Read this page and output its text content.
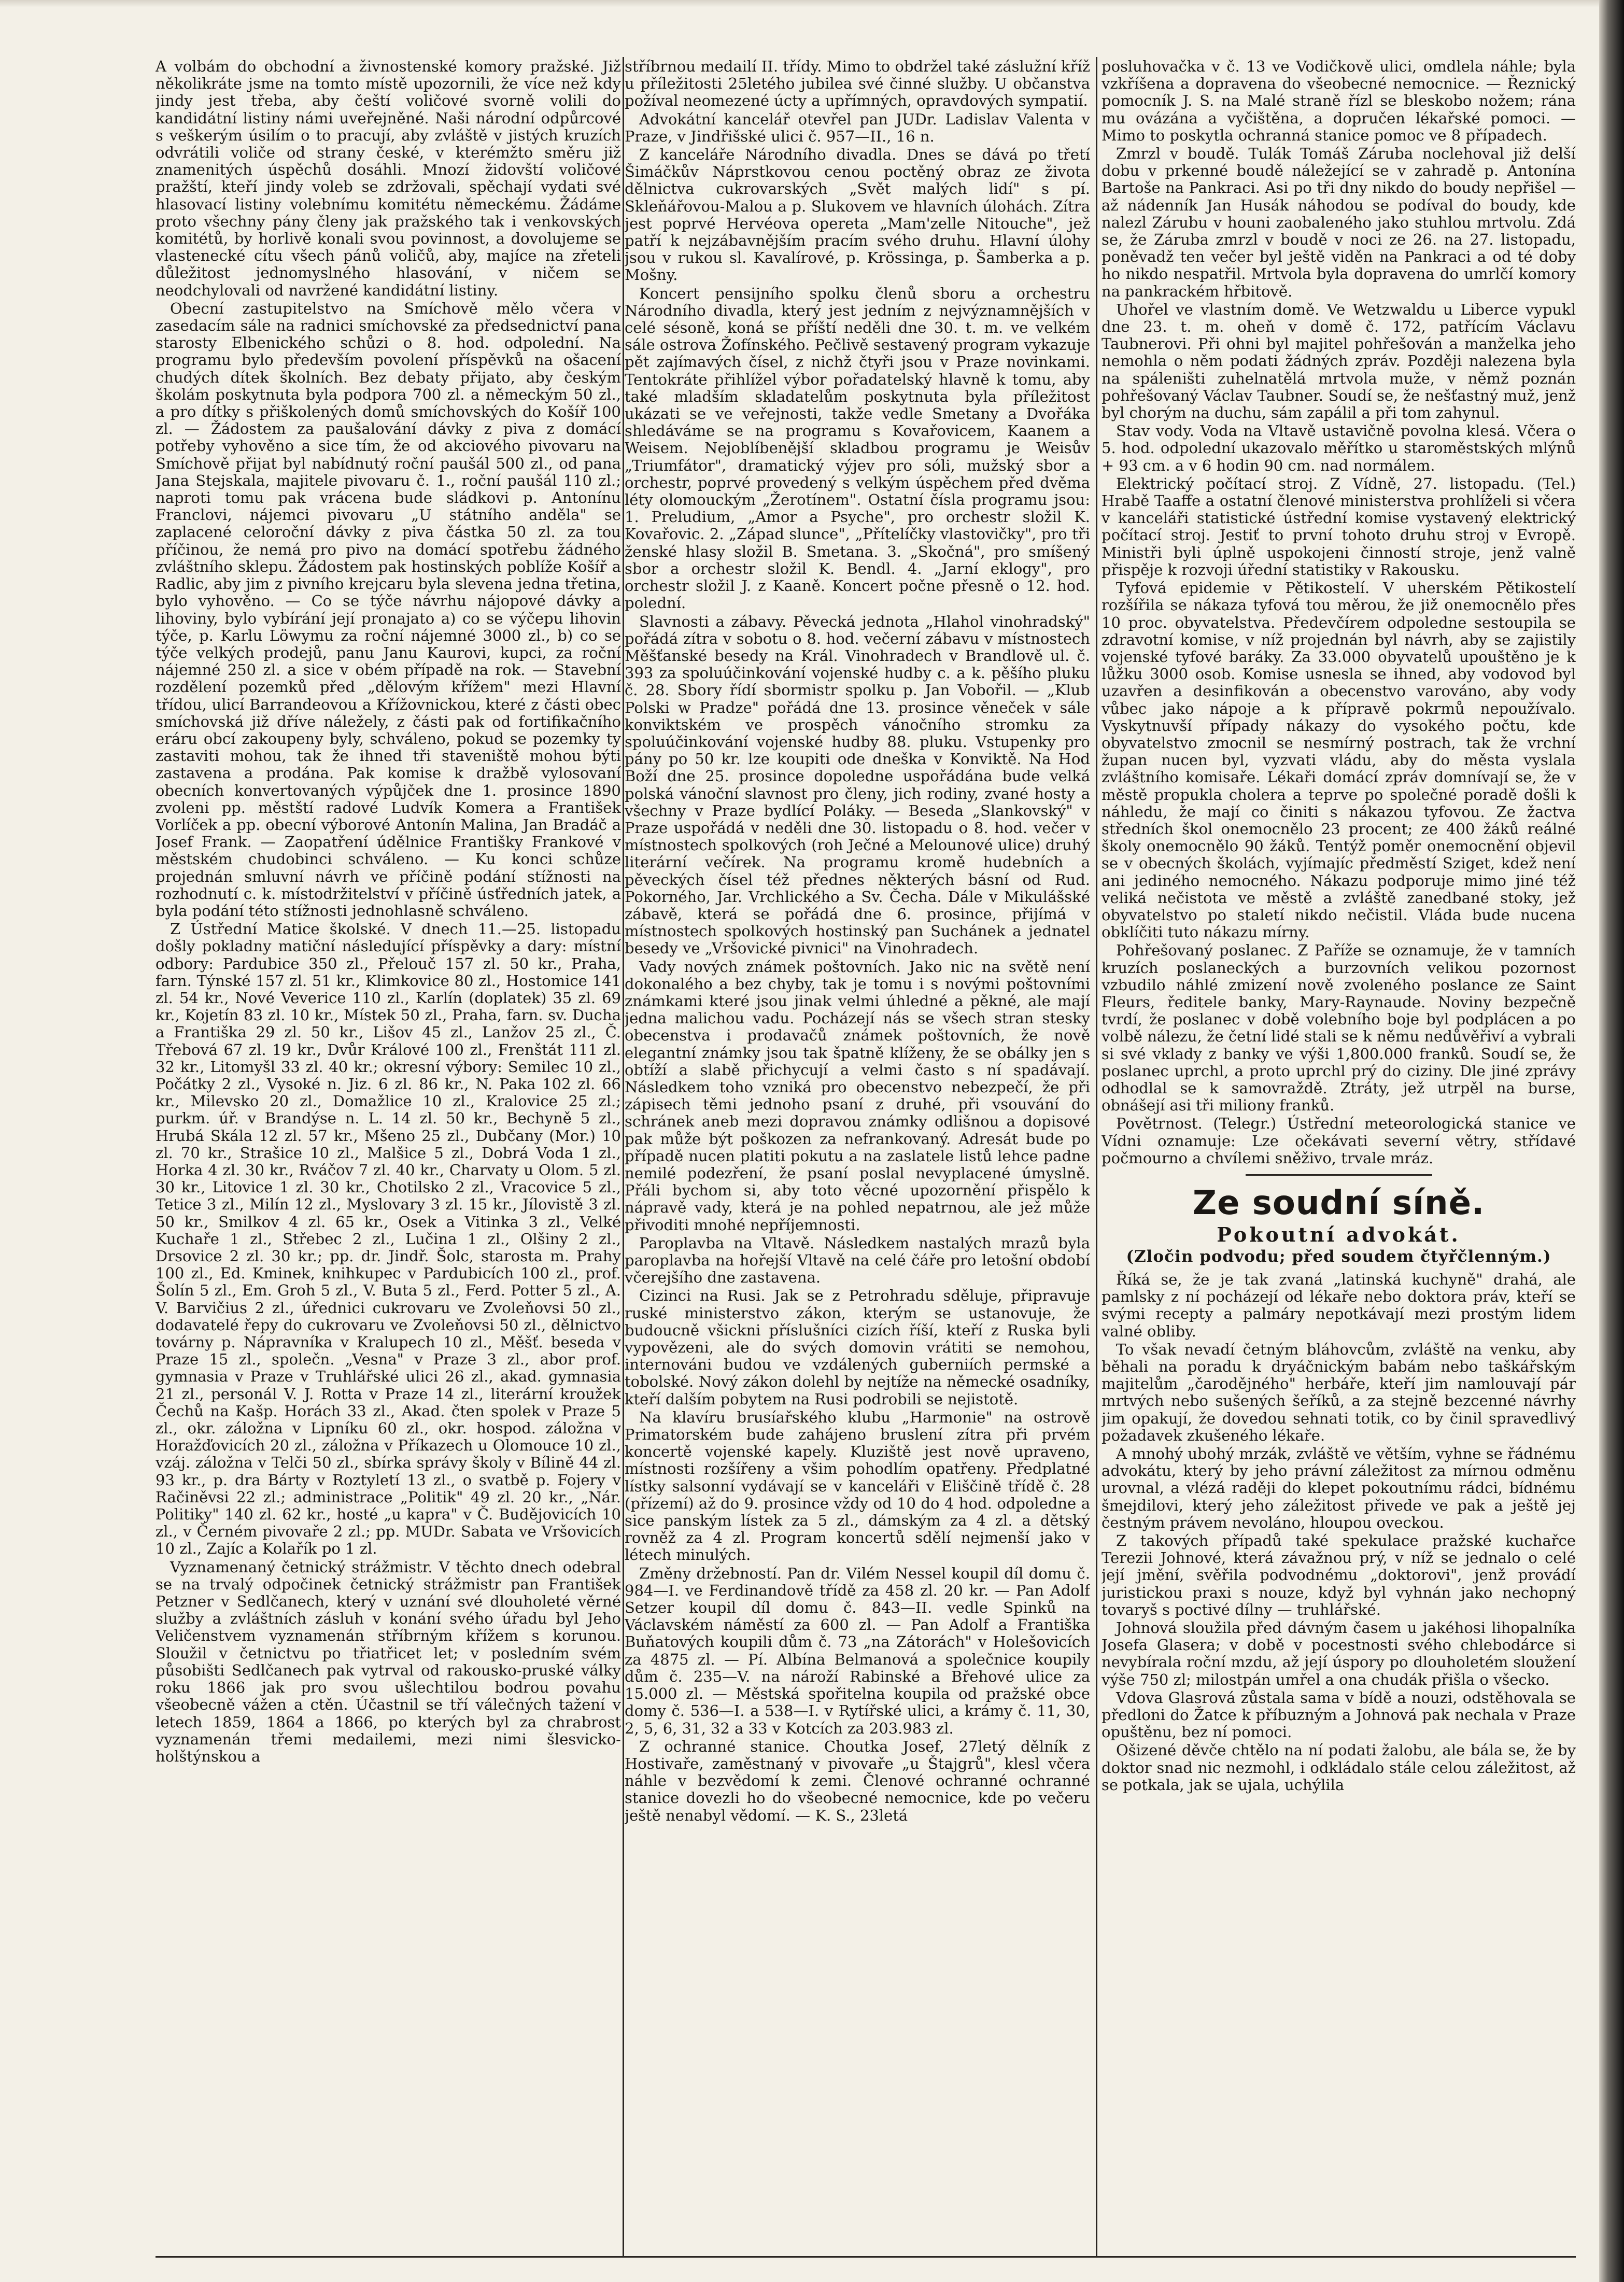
A volbám do obchodní a živnostenské komory pražské. Již několikráte jsme na tomto místě upozornili, že více než kdy jindy jest třeba, aby čeští voličové svorně volili do kandidátní listiny námi uveřejněné. Naši národní odpůrcové s veškerým úsilím o to pracují, aby zvláště v jistých kruzích odvrátili voliče od strany české, v kterémžto směru již znamenitých úspěchů dosáhli. Mnozí židovští voličové pražští, kteří jindy voleb se zdržovali, spěchají vydati své hlasovací listiny volebnímu komitétu německému. Žádáme proto všechny pány členy jak pražského tak i venkovských komitétů, by horlivě konali svou povinnost, a dovolujeme se vlastenecké cítu všech pánů voličů, aby, majíce na zřeteli důležitost jednomyslného hlasování, v ničem se neodchylovali od navržené kandidátní listiny.

Obecní zastupitelstvo na Smíchově mělo včera v zasedacím sále na radnici smíchovské za předsednictví pana starosty Elbenického schůzi o 8. hod. odpolední. Na programu bylo především povolení příspěvků na ošacení chudých dítek školních. Bez debaty přijato, aby českým školám poskytnuta byla podpora 700 zl. a německým 50 zl., a pro dítky s přiškolených domů smíchovských do Košíř 100 zl. — Žádostem za paušalování dávky z piva z domácí potřeby vyhověno a sice tím, že od akciového pivovaru na Smíchově přijat byl nabídnutý roční paušál 500 zl., od pana Jana Stejskala, majitele pivovaru č. 1., roční paušál 110 zl.; naproti tomu pak vrácena bude sládkovi p. Antonínu Franclovi, nájemci pivovaru „U státního anděla" se zaplacené celoroční dávky z piva částka 50 zl. za tou příčinou, že nemá pro pivo na domácí spotřebu žádného zvláštního sklepu. Žádostem pak hostinských poblíže Košíř a Radlic, aby jim z pivního krejcaru byla slevena jedna třetina, bylo vyhověno. — Co se týče návrhu nájopové dávky a lihoviny, bylo vybírání její pronajato a) co se výčepu lihovin týče, p. Karlu Löwymu za roční nájemné 3000 zl., b) co se týče velkých prodejů, panu Janu Kaurovi, kupci, za roční nájemné 250 zl. a sice v obém případě na rok. — Stavební rozdělení pozemků před „dělovým křížem" mezi Hlavní třídou, ulicí Barrandeovou a Křížovnickou, které z části obec smíchovská již dříve náležely, z části pak od fortifikačního eráru obcí zakoupeny byly, schváleno, pokud se pozemky ty zastaviti mohou, tak že ihned tři staveniště mohou býti zastavena a prodána. Pak komise k dražbě vylosovaní obecních konvertovaných výpůjček dne 1. prosince 1890 zvoleni pp. městští radové Ludvík Komera a František Vorlíček a pp. obecní výborové Antonín Malina, Jan Bradáč a Josef Frank. — Zaopatření údělnice Františky Frankové v městském chudobinci schváleno. — Ku konci schůze projednán smluvní návrh ve příčině podání stížnosti na rozhodnutí c. k. místodržitelství v příčině úsťředních jatek, a byla podání této stížnosti jednohlasně schváleno.

Z Ústřední Matice školské. V dnech 11.—25. listopadu došly pokladny matiční následující příspěvky a dary: místní odbory: Pardubice 350 zl., Přelouč 157 zl. 50 kr., Praha, farn. Týnské 157 zl. 51 kr., Klimkovice 80 zl., Hostomice 141 zl. 54 kr., Nové Veverice 110 zl., Karlín (doplatek) 35 zl. 69 kr., Kojetín 83 zl. 10 kr., Místek 50 zl., Praha, farn. sv. Ducha a Františka 29 zl. 50 kr., Lišov 45 zl., Lanžov 25 zl., Č. Třebová 67 zl. 19 kr., Dvůr Králové 100 zl., Frenštát 111 zl. 32 kr., Litomyšl 33 zl. 40 kr.; okresní výbory: Semilec 10 zl., Počátky 2 zl., Vysoké n. Jiz. 6 zl. 86 kr., N. Paka 102 zl. 66 kr., Milevsko 20 zl., Domažlice 10 zl., Kralovice 25 zl.; purkm. úř. v Brandýse n. L. 14 zl. 50 kr., Bechyně 5 zl., Hrubá Skála 12 zl. 57 kr., Mšeno 25 zl., Dubčany (Mor.) 10 zl. 70 kr., Strašice 10 zl., Malšice 5 zl., Dobrá Voda 1 zl., Horka 4 zl. 30 kr., Rváčov 7 zl. 40 kr., Charvaty u Olom. 5 zl. 30 kr., Litovice 1 zl. 30 kr., Chotilsko 2 zl., Vracovice 5 zl., Tetice 3 zl., Milín 12 zl., Myslovary 3 zl. 15 kr., Jílovistě 3 zl. 50 kr., Smilkov 4 zl. 65 kr., Osek a Vitinka 3 zl., Velké Kuchaře 1 zl., Střebec 2 zl., Lučina 1 zl., Olšiny 2 zl., Drsovice 2 zl. 30 kr.; pp. dr. Jindř. Šolc, starosta m. Prahy 100 zl., Ed. Kminek, knihkupec v Pardubicích 100 zl., prof. Šolín 5 zl., Em. Groh 5 zl., V. Buta 5 zl., Ferd. Potter 5 zl., A. V. Barvičius 2 zl., úřednici cukrovaru ve Zvoleňovsi 50 zl., dodavatelé řepy do cukrovaru ve Zvoleňovsi 50 zl., dělnictvo továrny p. Nápravníka v Kralupech 10 zl., Měšť. beseda v Praze 15 zl., společn. „Vesna" v Praze 3 zl., abor prof. gymnasia v Praze v Truhlářské ulici 26 zl., akad. gymnasia 21 zl., personál V. J. Rotta v Praze 14 zl., literární kroužek Čechů na Kašp. Horách 33 zl., Akad. čten spolek v Praze 5 zl., okr. záložna v Lipníku 60 zl., okr. hospod. záložna v Horažďovicích 20 zl., záložna v Příkazech u Olomouce 10 zl., vzáj. záložna v Telči 50 zl., sbírka správy školy v Bílině 44 zl. 93 kr., p. dra Bárty v Roztyletí 13 zl., o svatbě p. Fojery v Račiněvsi 22 zl.; administrace „Politik" 49 zl. 20 kr., „Nár. Politiky" 140 zl. 62 kr., hosté „u kapra" v Č. Budějovicích 10 zl., v Černém pivovaře 2 zl.; pp. MUDr. Sabata ve Vršovicích 10 zl., Zajíc a Kolařík po 1 zl.

Vyznamenaný četnický strážmistr. V těchto dnech odebral se na trvalý odpočinek četnický strážmistr pan František Petzner v Sedlčanech, který v uznání své dlouholeté věrné služby a zvláštních zásluh v konání svého úřadu byl Jeho Veličenstvem vyznamenán stříbrným křížem s korunou. Sloužil v četnictvu po třiatřicet let; v posledním svém působišti Sedlčanech pak vytrval od rakousko-pruské války roku 1866 jak pro svou ušlechtilou bodrou povahu všeobecně vážen a ctěn. Účastnil se tří válečných tažení v letech 1859, 1864 a 1866, po kterých byl za chrabrost vyznamenán třemi medailemi, mezi nimi šlesvicko-holštýnskou a

stříbrnou medailí II. třídy. Mimo to obdržel také záslužní kříž u příležitosti 25letého jubilea své činné služby. U občanstva požíval neomezené úcty a upřímných, opravdových sympatií.

Advokátní kancelář otevřel pan JUDr. Ladislav Valenta v Praze, v Jindřišské ulici č. 957—II., 16 n.

Z kanceláře Národního divadla. Dnes se dává po třetí Šimáčkův Náprstkovou cenou poctěný obraz ze života dělnictva cukrovarských „Svět malých lidí" s pí. Skleňářovou-Malou a p. Slukovem ve hlavních úlohách. Zítra jest poprvé Hervéova opereta „Mam'zelle Nitouche", jež patří k nejzábavnějším pracím svého druhu. Hlavní úlohy jsou v rukou sl. Kavalírové, p. Krössinga, p. Šamberka a p. Mošny.

Koncert pensijního spolku členů sboru a orchestru Národního divadla, který jest jedním z nejvýznamnějších v celé sésoně, koná se příští neděli dne 30. t. m. ve velkém sále ostrova Žofínského. Pečlivě sestavený program vykazuje pět zajímavých čísel, z nichž čtyři jsou v Praze novinkami. Tentokráte přihlížel výbor pořadatelský hlavně k tomu, aby také mladším skladatelům poskytnuta byla příležitost ukázati se ve veřejnosti, takže vedle Smetany a Dvořáka shledáváme se na programu s Kovařovicem, Kaanem a Weisem. Nejoblíbenější skladbou programu je Weisův „Triumfátor", dramatický výjev pro sóli, mužský sbor a orchestr, poprvé provedený s velkým úspěchem před dvěma léty olomouckým „Žerotínem". Ostatní čísla programu jsou: 1. Preludium, „Amor a Psyche", pro orchestr složil K. Kovařovic. 2. „Západ slunce", „Přítelíčky vlastovičky", pro tři ženské hlasy složil B. Smetana. 3. „Skočná", pro smíšený sbor a orchestr složil K. Bendl. 4. „Jarní eklogy", pro orchestr složil J. z Kaaně. Koncert počne přesně o 12. hod. polední.

Slavnosti a zábavy. Pěvecká jednota „Hlahol vinohradský" pořádá zítra v sobotu o 8. hod. večerní zábavu v místnostech Měšťanské besedy na Král. Vinohradech v Brandlově ul. č. 393 za spoluúčinkování vojenské hudby c. a k. pěšího pluku č. 28. Sbory řídí sbormistr spolku p. Jan Vobořil. — „Klub Polski w Pradze" pořádá dne 13. prosince věneček v sále konviktském ve prospěch vánočního stromku za spoluúčinkování vojenské hudby 88. pluku. Vstupenky pro pány po 50 kr. lze koupiti ode dneška v Konviktě. Na Hod Boží dne 25. prosince dopoledne uspořádána bude velká polská vánoční slavnost pro členy, jich rodiny, zvané hosty a všechny v Praze bydlící Poláky. — Beseda „Slankovský" v Praze uspořádá v neděli dne 30. listopadu o 8. hod. večer v místnostech spolkových (roh Ječné a Melounové ulice) druhý literární večírek. Na programu kromě hudebních a pěveckých čísel též přednes některých básní od Rud. Pokorného, Jar. Vrchlického a Sv. Čecha. Dále v Mikulášské zábavě, která se pořádá dne 6. prosince, přijímá v místnostech spolkových hostinský pan Suchánek a jednatel besedy ve „Vršovické pivnici" na Vinohradech.

Vady nových známek poštovních. Jako nic na světě není dokonalého a bez chyby, tak je tomu i s novými poštovními známkami které jsou jinak velmi úhledné a pěkné, ale mají jedna malichou vadu. Pocházejí nás se všech stran stesky obecenstva i prodavačů známek poštovních, že nově elegantní známky jsou tak špatně klíženy, že se obálky jen s obtíží a slabě přichycují a velmi často s ní spadávají. Následkem toho vzniká pro obecenstvo nebezpečí, že při zápisech těmi jednoho psaní z druhé, při vsouvání do schránek aneb mezi dopravou známky odlišnou a dopisové pak může být poškozen za nefrankovaný. Adresát bude po případě nucen platiti pokutu a na zaslatele listů lehce padne nemilé podezření, že psaní poslal nevyplacené úmyslně. Přáli bychom si, aby toto věcné upozornění přispělo k nápravě vady, která je na pohled nepatrnou, ale jež může přivoditi mnohé nepříjemnosti.

Paroplavba na Vltavě. Následkem nastalých mrazů byla paroplavba na hořejší Vltavě na celé čáře pro letošní období včerejšího dne zastavena.

Cizinci na Rusi. Jak se z Petrohradu sděluje, připravuje ruské ministerstvo zákon, kterým se ustanovuje, že budoucně všickni příslušníci cizích říší, kteří z Ruska byli vypovězeni, ale do svých domovin vrátiti se nemohou, internováni budou ve vzdálených guberniích permské a tobolské. Nový zákon dolehl by nejtíže na německé osadníky, kteří dalším pobytem na Rusi podrobili se nejistotě.

Na klavíru brusíařského klubu „Harmonie" na ostrově Primatorském bude zahájeno bruslení zítra při prvém koncertě vojenské kapely. Kluziště jest nově upraveno, místnosti rozšířeny a všim pohodlím opatřeny. Předplatné lístky salsonní vydávají se v kanceláři v Eliščině třídě č. 28 (přízemí) až do 9. prosince vždy od 10 do 4 hod. odpoledne a sice panským lístek za 5 zl., dámským za 4 zl. a dětský rovněž za 4 zl. Program koncertů sdělí nejmenší jako v létech minulých.

Změny držebností. Pan dr. Vilém Nessel koupil díl domu č. 984—I. ve Ferdinandově třídě za 458 zl. 20 kr. — Pan Adolf Setzer koupil díl domu č. 843—II. vedle Spinků na Václavském náměstí za 600 zl. — Pan Adolf a Františka Buňatových koupili dům č. 73 „na Zátorách" v Holešovicích za 4875 zl. — Pí. Albína Belmanová a společnice koupily dům č. 235—V. na nároží Rabinské a Břehové ulice za 15.000 zl. — Městská spořitelna koupila od pražské obce domy č. 536—I. a 538—I. v Rytířské ulici, a krámy č. 11, 30, 2, 5, 6, 31, 32 a 33 v Kotcích za 203.983 zl.

Z ochranné stanice. Choutka Josef, 27letý dělník z Hostivaře, zaměstnaný v pivovaře „u Štajgrů", klesl včera náhle v bezvědomí k zemi. Členové ochranné ochranné stanice dovezli ho do všeobecné nemocnice, kde po večeru ještě nenabyl vědomí. — K. S., 23letá

posluhovačka v č. 13 ve Vodičkově ulici, omdlela náhle; byla vzkříšena a dopravena do všeobecné nemocnice. — Řeznický pomocník J. S. na Malé straně řízl se bleskobo nožem; rána mu ovázána a vyčištěna, a dopručen lékařské pomoci. — Mimo to poskytla ochranná stanice pomoc ve 8 případech.

Zmrzl v boudě. Tulák Tomáš Záruba noclehoval již delší dobu v prkenné boudě náležející se v zahradě p. Antonína Bartoše na Pankraci. Asi po tři dny nikdo do boudy nepřišel — až nádenník Jan Husák náhodou se podíval do boudy, kde nalezl Zárubu v houni zaobaleného jako stuhlou mrtvolu. Zdá se, že Záruba zmrzl v boudě v noci ze 26. na 27. listopadu, poněvadž ten večer byl ještě viděn na Pankraci a od té doby ho nikdo nespatřil. Mrtvola byla dopravena do umrlčí komory na pankrackém hřbitově.

Uhořel ve vlastním domě. Ve Wetzwaldu u Liberce vypukl dne 23. t. m. oheň v domě č. 172, patřícím Václavu Taubnerovi. Při ohni byl majitel pohřešován a manželka jeho nemohla o něm podati žádných zpráv. Později nalezena byla na spáleništi zuhelnatělá mrtvola muže, v němž poznán pohřešovaný Václav Taubner. Soudí se, že nešťastný muž, jenž byl chorým na duchu, sám zapálil a při tom zahynul.

Stav vody. Voda na Vltavě ustavičně povolna klesá. Včera o 5. hod. odpolední ukazovalo měřítko u staroměstských mlýnů + 93 cm. a v 6 hodin 90 cm. nad normálem.

Elektrický počítací stroj. Z Vídně, 27. listopadu. (Tel.) Hrabě Taaffe a ostatní členové ministerstva prohlíželi si včera v kanceláři statistické ústřední komise vystavený elektrický počítací stroj. Jestiť to první tohoto druhu stroj v Evropě. Ministři byli úplně uspokojeni činností stroje, jenž valně přispěje k rozvoji úřední statistiky v Rakousku.

Tyfová epidemie v Pětikostelí. V uherském Pětikostelí rozšířila se nákaza tyfová tou měrou, že již onemocnělo přes 10 proc. obyvatelstva. Předevčírem odpoledne sestoupila se zdravotní komise, v níž projednán byl návrh, aby se zajistily vojenské tyfové baráky. Za 33.000 obyvatelů upouštěno je k lůžku 3000 osob. Komise usnesla se ihned, aby vodovod byl uzavřen a desinfikován a obecenstvo varováno, aby vody vůbec jako nápoje a k přípravě pokrmů nepoužívalo. Vyskytnuvší případy nákazy do vysokého počtu, kde obyvatelstvo zmocnil se nesmírný postrach, tak že vrchní župan nucen byl, vyzvati vládu, aby do města vyslala zvláštního komisaře. Lékaři domácí zpráv domnívají se, že v městě propukla cholera a teprve po společné poradě došli k náhledu, že mají co činiti s nákazou tyfovou. Ze žactva středních škol onemocnělo 23 procent; ze 400 žáků reálné školy onemocnělo 90 žáků. Tentýž poměr onemocnění objevil se v obecných školách, vyjímajíc předměstí Sziget, kdež není ani jediného nemocného. Nákazu podporuje mimo jiné též veliká nečistota ve městě a zvláště zanedbané stoky, jež obyvatelstvo po staletí nikdo nečistil. Vláda bude nucena obklíčiti tuto nákazu mírny.

Pohřešovaný poslanec. Z Paříže se oznamuje, že v tamních kruzích poslaneckých a burzovních velikou pozornost vzbudilo náhlé zmizení nově zvoleného poslance ze Saint Fleurs, ředitele banky, Mary-Raynaude. Noviny bezpečně tvrdí, že poslanec v době volebního boje byl podplácen a po volbě nálezu, že četní lidé stali se k němu nedůvěřiví a vybrali si své vklady z banky ve výši 1,800.000 franků. Soudí se, že poslanec uprchl, a proto uprchl prý do ciziny. Dle jiné zprávy odhodlal se k samovraždě. Ztráty, jež utrpěl na burse, obnášejí asi tři miliony franků.

Povětrnost. (Telegr.) Ústřední meteorologická stanice ve Vídni oznamuje: Lze očekávati severní větry, střídavé počmourno a chvílemi sněživo, trvale mráz.

Ze soudní síně.
Pokoutní advokát.
(Zločin podvodu; před soudem čtyřčlenným.)

Říká se, že je tak zvaná „latinská kuchyně" drahá, ale pamlsky z ní pocházejí od lékaře nebo doktora práv, kteří se svými recepty a palmáry nepotkávají mezi prostým lidem valné obliby.

To však nevadí četným bláhovcům, zvláště na venku, aby běhali na poradu k dryáčnickým babám nebo taškářským majitelům „čarodějného" herbáře, kteří jim namlouvají pár mrtvých nebo sušených šeříků, a za stejně bezcenné návrhy jim opakují, že dovedou sehnati totik, co by činil spravedlivý požadavek zkušeného lékaře.

A mnohý ubohý mrzák, zvláště ve větším, vyhne se řádnému advokátu, který by jeho právní záležitost za mírnou odměnu urovnal, a vlézá raději do klepet pokoutnímu rádci, bídnému šmejdilovi, který jeho záležitost přivede ve pak a ještě jej čestným právem nevoláno, hloupou oveckou.

Z takových případů také spekulace pražské kuchařce Terezii Johnové, která závažnou prý, v níž se jednalo o celé její jmění, svěřila podvodnému „doktorovi", jenž provádí juristickou praxi s nouze, když byl vyhnán jako nechopný tovaryš s poctivé dílny — truhlářské.

Johnová sloužila před dávným časem u jakéhosi lihopalníka Josefa Glasera; v době v pocestnosti svého chlebodárce si nevybírala roční mzdu, až její úspory po dlouholetém sloužení výše 750 zl; milostpán umřel a ona chudák přišla o všecko.

Vdova Glasrová zůstala sama v bídě a nouzi, odstěhovala se předloni do Žatce k příbuzným a Johnová pak nechala v Praze opuštěnu, bez ní pomoci.

Ošizené děvče chtělo na ní podati žalobu, ale bála se, že by doktor snad nic nezmohl, i odkládalo stále celou záležitost, až se potkala, jak se ujala, uchýlila
